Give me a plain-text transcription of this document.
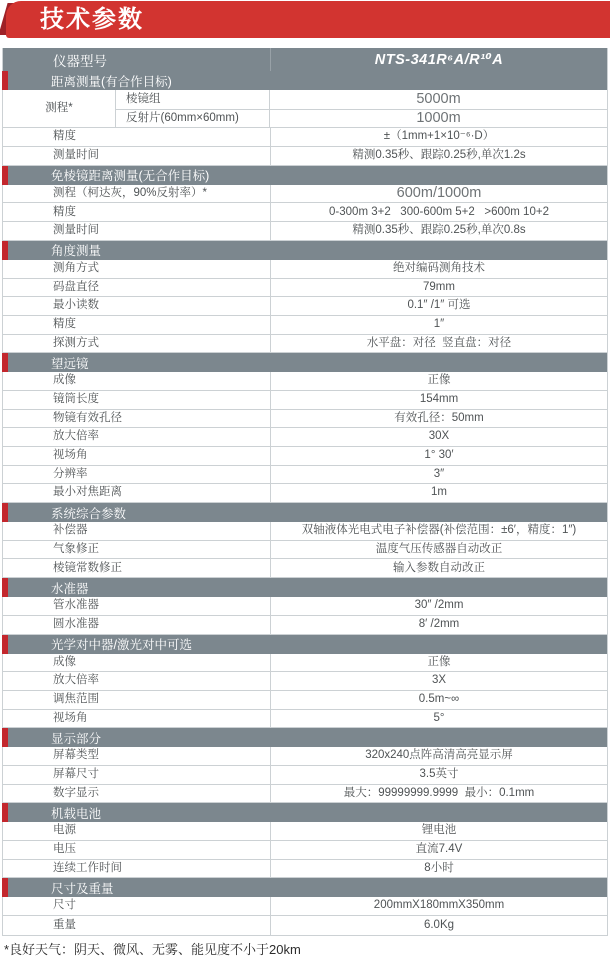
技术参数
仪器型号	NTS-341R⁶A/R¹⁰A
距离测量(有合作目标)
测程*
棱镜组	5000m
反射片(60mm×60mm)	1000m
精度	±（1mm+1×10⁻⁶·D）
测量时间	精测0.35秒、跟踪0.25秒,单次1.2s
免棱镜距离测量(无合作目标)
测程（柯达灰，90%反射率）*	600m/1000m
精度	0-300m 3+2   300-600m 5+2   >600m 10+2
测量时间	精测0.35秒、跟踪0.25秒,单次0.8s
角度测量
测角方式	绝对编码测角技术
码盘直径	79mm
最小读数	0.1″ /1″ 可选
精度	1″
探测方式	水平盘：对径  竖直盘：对径
望远镜
成像	正像
镜筒长度	154mm
物镜有效孔径	有效孔径：50mm
放大倍率	30X
视场角	1° 30′
分辨率	3″
最小对焦距离	1m
系统综合参数
补偿器	双轴液体光电式电子补偿器(补偿范围：±6′，精度：1″)
气象修正	温度气压传感器自动改正
棱镜常数修正	输入参数自动改正
水准器
管水准器	30″ /2mm
圆水准器	8′ /2mm
光学对中器/激光对中可选
成像	正像
放大倍率	3X
调焦范围	0.5m~∞
视场角	5°
显示部分
屏幕类型	320x240点阵高清高亮显示屏
屏幕尺寸	3.5英寸
数字显示	最大：99999999.9999  最小：0.1mm
机载电池
电源	锂电池
电压	直流7.4V
连续工作时间	8小时
尺寸及重量
尺寸	200mmX180mmX350mm
重量	6.0Kg
*良好天气：阴天、微风、无雾、能见度不小于20km
